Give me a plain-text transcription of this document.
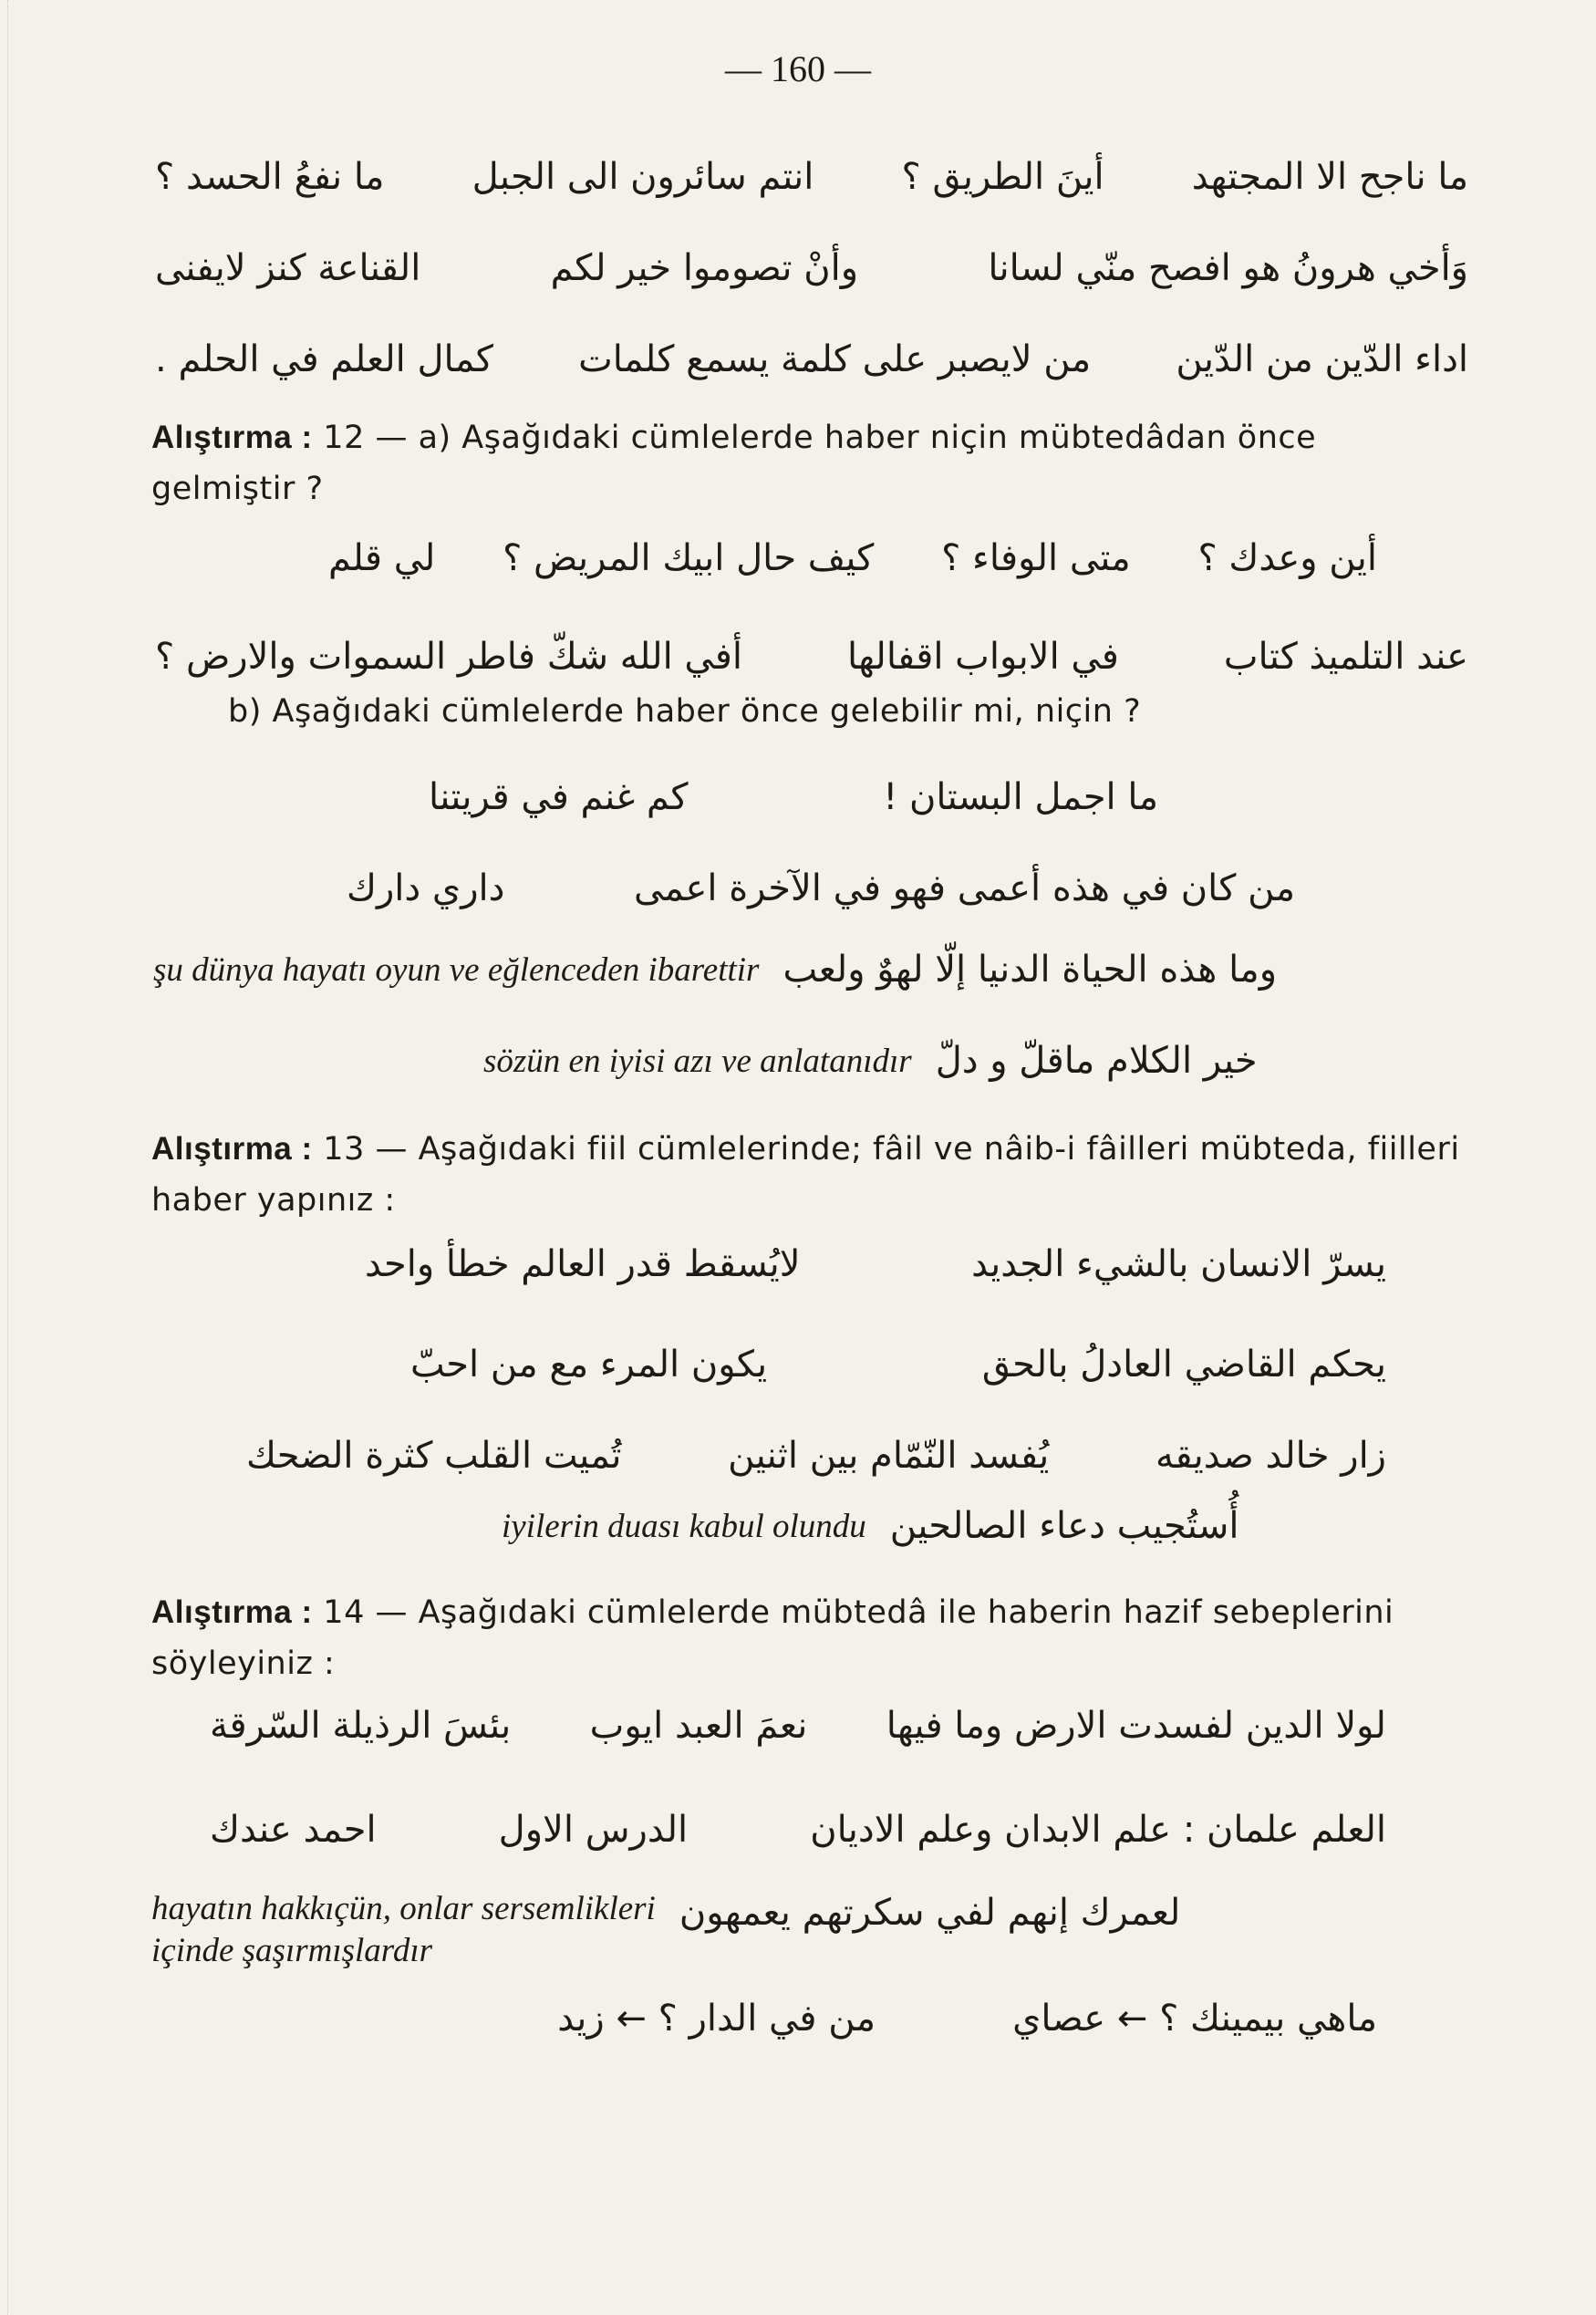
— 160 —
ما ناجح الا المجتهد
أينَ الطريق ؟
انتم سائرون الى الجبل
ما نفعُ الحسد ؟
وَأخي هرونُ هو افصح منّي لسانا
وأنْ تصوموا خير لكم
القناعة كنز لايفنى
اداء الدّين من الدّين
من لايصبر على كلمة يسمع كلمات
كمال العلم في الحلم .
Alıştırma : 12 — a) Aşağıdaki cümlelerde haber niçin mübtedâdan önce gelmiştir ?
أين وعدك ؟
متى الوفاء ؟
كيف حال ابيك المريض ؟
لي قلم
عند التلميذ كتاب
في الابواب اقفالها
أفي الله شكّ فاطر السموات والارض ؟
b) Aşağıdaki cümlelerde haber önce gelebilir mi, niçin ?
ما اجمل البستان !
كم غنم في قريتنا
من كان في هذه أعمى فهو في الآخرة اعمى
داري دارك
şu dünya hayatı oyun ve eğlenceden ibarettir وما هذه الحياة الدنيا إلّا لهوٌ ولعب
sözün en iyisi azı ve anlatanıdır خير الكلام ماقلّ و دلّ
Alıştırma : 13 — Aşağıdaki fiil cümlelerinde; fâil ve nâib-i fâilleri mübteda, fiilleri haber yapınız :
يسرّ الانسان بالشيء الجديد
لايُسقط قدر العالم خطأ واحد
يحكم القاضي العادلُ بالحق
يكون المرء مع من احبّ
زار خالد صديقه
يُفسد النّمّام بين اثنين
تُميت القلب كثرة الضحك
iyilerin duası kabul olundu أُستُجيب دعاء الصالحين
Alıştırma : 14 — Aşağıdaki cümlelerde mübtedâ ile haberin hazif sebeplerini söyleyiniz :
لولا الدين لفسدت الارض وما فيها
نعمَ العبد ايوب
بئسَ الرذيلة السّرقة
العلم علمان : علم الابدان وعلم الاديان
الدرس الاول
احمد عندك
hayatın hakkıçün, onlar sersemlikleri
içinde şaşırmışlardır
لعمرك إنهم لفي سكرتهم يعمهون
ماهي بيمينك ؟ ← عصاي
من في الدار ؟ ← زيد
